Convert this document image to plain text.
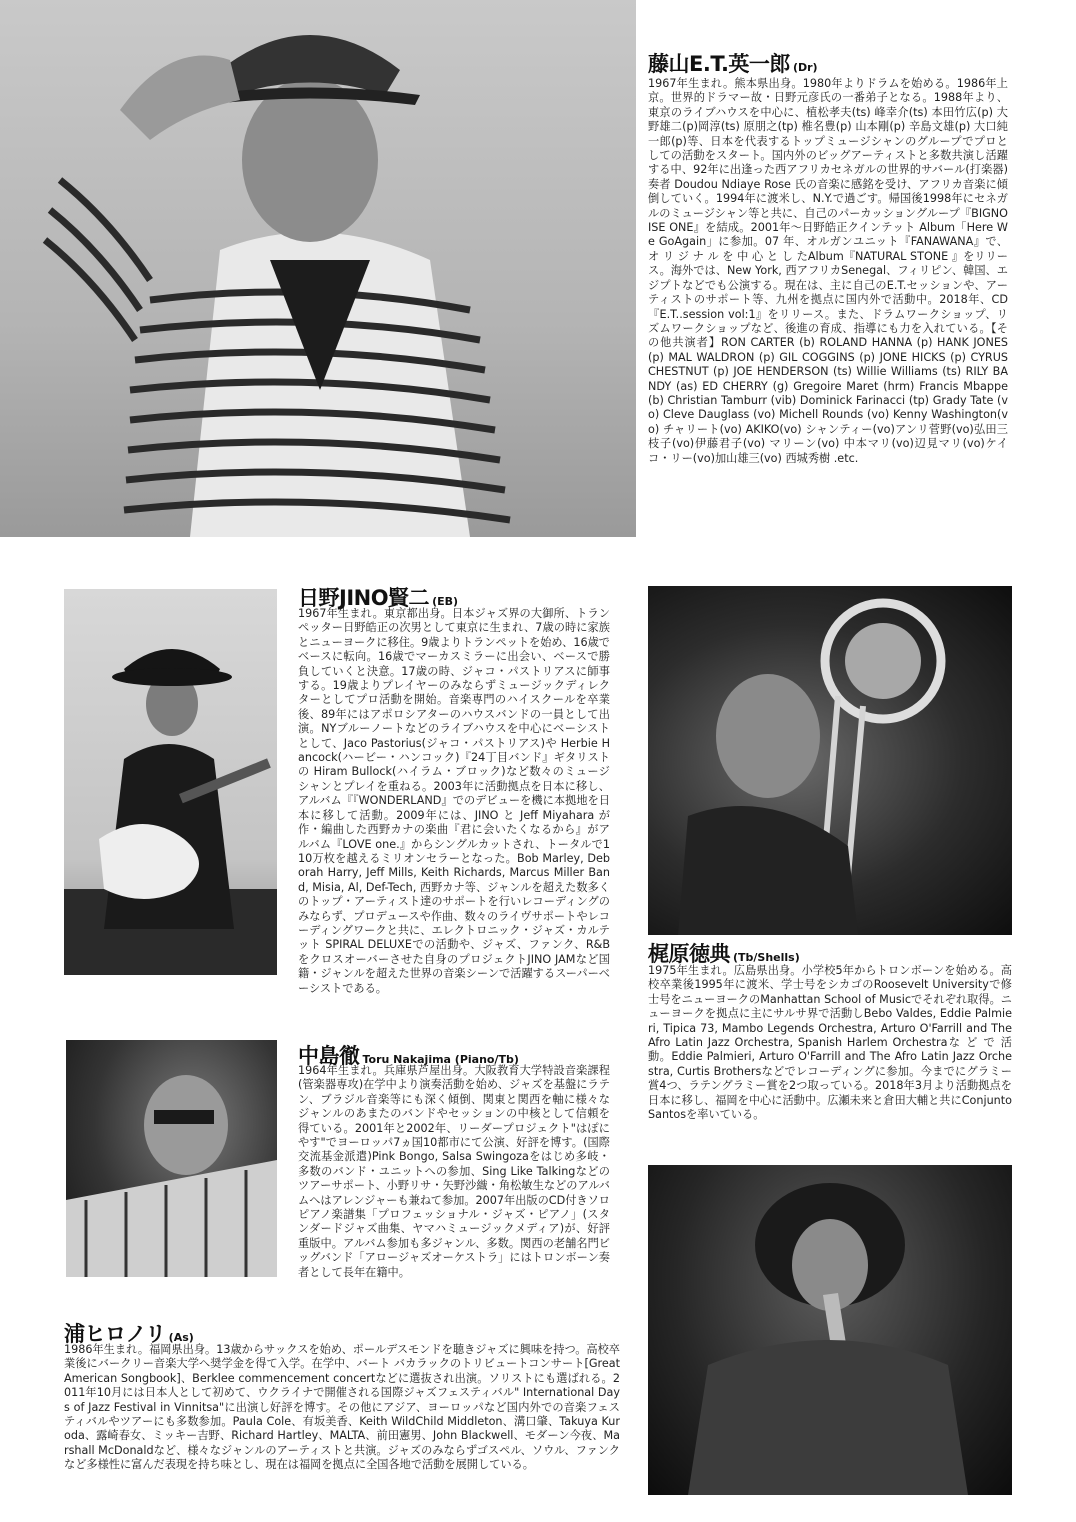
藤山E.T.英一郎 (Dr)

1967年生まれ。熊本県出身。1980年よりドラムを始める。1986年上京。世界的ドラマー故・日野元彦氏の一番弟子となる。1988年より、東京のライブハウスを中心に、植松孝夫(ts) 峰幸介(ts) 本田竹広(p) 大野雄二(p)岡淳(ts) 原朋之(tp) 椎名豊(p) 山本剛(p) 辛島文雄(p) 大口純一郎(p)等、日本を代表するトップミュージシャンのグループでプロとしての活動をスタート。国内外のビッグアーティストと多数共演し活躍する中、92年に出逢った西アフリカセネガルの世界的サバール(打楽器)奏者 Doudou Ndiaye Rose 氏の音楽に感銘を受け、アフリカ音楽に傾倒していく。1994年に渡米し、N.Y.で過ごす。帰国後1998年にセネガルのミュージシャン等と共に、自己のパーカッショングループ『BIGNOISE ONE』を結成。2001年〜日野皓正クインテット Album「Here We GoAgain」に参加。07 年、オルガンユニット『FANAWANA』で、オ リ ジ ナ ル を 中 心 と し たAlbum『NATURAL STONE 』をリリース。海外では、New York, 西アフリカSenegal、フィリピン、韓国、エジプトなどでも公演する。現在は、主に自己のE.T.セッションや、アーティストのサポート等、九州を拠点に国内外で活動中。2018年、CD『E.T..session vol:1』をリリース。また、ドラムワークショップ、リズムワークショップなど、後進の育成、指導にも力を入れている。【その他共演者】RON CARTER (b) ROLAND HANNA (p) HANK JONES (p) MAL WALDRON (p) GIL COGGINS (p) JONE HICKS (p) CYRUS CHESTNUT (p) JOE HENDERSON (ts) Willie Williams (ts) RILY BANDY (as) ED CHERRY (g) Gregoire Maret (hrm) Francis Mbappe (b) Christian Tamburr (vib) Dominick Farinacci (tp) Grady Tate (vo) Cleve Dauglass (vo) Michell Rounds (vo) Kenny Washington(vo) チャリート(vo) AKIKO(vo) シャンティー(vo)アンリ菅野(vo)弘田三枝子(vo)伊藤君子(vo) マリーン(vo) 中本マリ(vo)辺見マリ(vo)ケイコ・リー(vo)加山雄三(vo) 西城秀樹 .etc.

日野JINO賢二 (EB)

1967年生まれ。東京都出身。日本ジャズ界の大御所、トランペッター日野皓正の次男として東京に生まれ、7歳の時に家族とニューヨークに移住。9歳よりトランペットを始め、16歳でベースに転向。16歳でマーカスミラーに出会い、ベースで勝負していくと決意。17歳の時、ジャコ・パストリアスに師事する。19歳よりプレイヤーのみならずミュージックディレクターとしてプロ活動を開始。音楽専門のハイスクールを卒業後、89年にはアポロシアターのハウスバンドの一員として出演。NYブルーノートなどのライブハウスを中心にベーシストとして、Jaco Pastorius(ジャコ・パストリアス)や Herbie Hancock(ハービー・ハンコック)『24丁目バンド』ギタリストの Hiram Bullock(ハイラム・ブロック)など数々のミュージシャンとプレイを重ねる。2003年に活動拠点を日本に移し、アルバム『『WONDERLAND』でのデビューを機に本拠地を日本に移して活動。2009年には、JINO と Jeff Miyahara が作・編曲した西野カナの楽曲『君に会いたくなるから』がアルバム『LOVE one.』からシングルカットされ、トータルで110万枚を越えるミリオンセラーとなった。Bob Marley, Deborah Harry, Jeff Mills, Keith Richards, Marcus Miller Band, Misia, Al, Def-Tech, 西野カナ等、ジャンルを超えた数多くのトップ・アーティスト達のサポートを行いレコーディングのみならず、プロデュースや作曲、数々のライヴサポートやレコーディングワークと共に、エレクトロニック・ジャズ・カルテット SPIRAL DELUXEでの活動や、ジャズ、ファンク、R&Bをクロスオーバーさせた自身のプロジェクトJINO JAMなど国籍・ジャンルを超えた世界の音楽シーンで活躍するスーパーベーシストである。

梶原徳典 (Tb/Shells)

1975年生まれ。広島県出身。小学校5年からトロンボーンを始める。高校卒業後1995年に渡米、学士号をシカゴのRoosevelt Universityで修士号をニューヨークのManhattan School of Musicでそれぞれ取得。ニューヨークを拠点に主にサルサ界で活動しBebo Valdes, Eddie Palmieri, Tipica 73, Mambo Legends Orchestra, Arturo O'Farrill and The Afro Latin Jazz Orchestra, Spanish Harlem Orchestraな ど で 活 動。Eddie Palmieri, Arturo O'Farrill and The Afro Latin Jazz Orchestra, Curtis Brothersなどでレコーディングに参加。今までにグラミー賞4つ、ラテングラミー賞を2つ取っている。2018年3月より活動拠点を日本に移し、福岡を中心に活動中。広瀬未来と倉田大輔と共にConjunto Santosを率いている。

中島徹 Toru Nakajima (Piano/Tb)

1964年生まれ。兵庫県芦屋出身。大阪教育大学特設音楽課程(管楽器専攻)在学中より演奏活動を始め、ジャズを基盤にラテン、ブラジル音楽等にも深く傾倒、関東と関西を軸に様々なジャンルのあまたのバンドやセッションの中核として信頼を得ている。2001年と2002年、リーダープロジェクト"はぽにやす"でヨーロッパ7ヵ国10都市にて公演、好評を博す。(国際交流基金派遣)Pink Bongo, Salsa Swingozaをはじめ多岐・多数のバンド・ユニットへの参加、Sing Like Talkingなどのツアーサポート、小野リサ・矢野沙織・角松敏生などのアルバムへはアレンジャーも兼ねて参加。2007年出版のCD付きソロピアノ楽譜集「プロフェッショナル・ジャズ・ピアノ」(スタンダードジャズ曲集、ヤマハミュージックメディア)が、好評重版中。アルバム参加も多ジャンル、多数。関西の老舗名門ビッグバンド「アロージャズオーケストラ」にはトロンボーン奏者として長年在籍中。

浦ヒロノリ (As)

1986年生まれ。福岡県出身。13歳からサックスを始め、ポールデスモンドを聴きジャズに興味を持つ。高校卒業後にバークリー音楽大学へ奨学金を得て入学。在学中、バート バカラックのトリビュートコンサート[Great American Songbook]、Berklee commencement concertなどに選抜され出演。ソリストにも選ばれる。2011年10月には日本人として初めて、ウクライナで開催される国際ジャズフェスティバル" International Days of Jazz Festival in Vinnitsa"に出演し好評を博す。その他にアジア、ヨーロッパなど国内外での音楽フェスティバルやツアーにも多数参加。Paula Cole、有坂美香、Keith WildChild Middleton、溝口肇、Takuya Kuroda、露崎春女、ミッキー吉野、Richard Hartley、MALTA、前田憲男、John Blackwell、モダーン今夜、Marshall McDonaldなど、様々なジャンルのアーティストと共演。ジャズのみならずゴスペル、ソウル、ファンクなど多様性に富んだ表現を持ち味とし、現在は福岡を拠点に全国各地で活動を展開している。
